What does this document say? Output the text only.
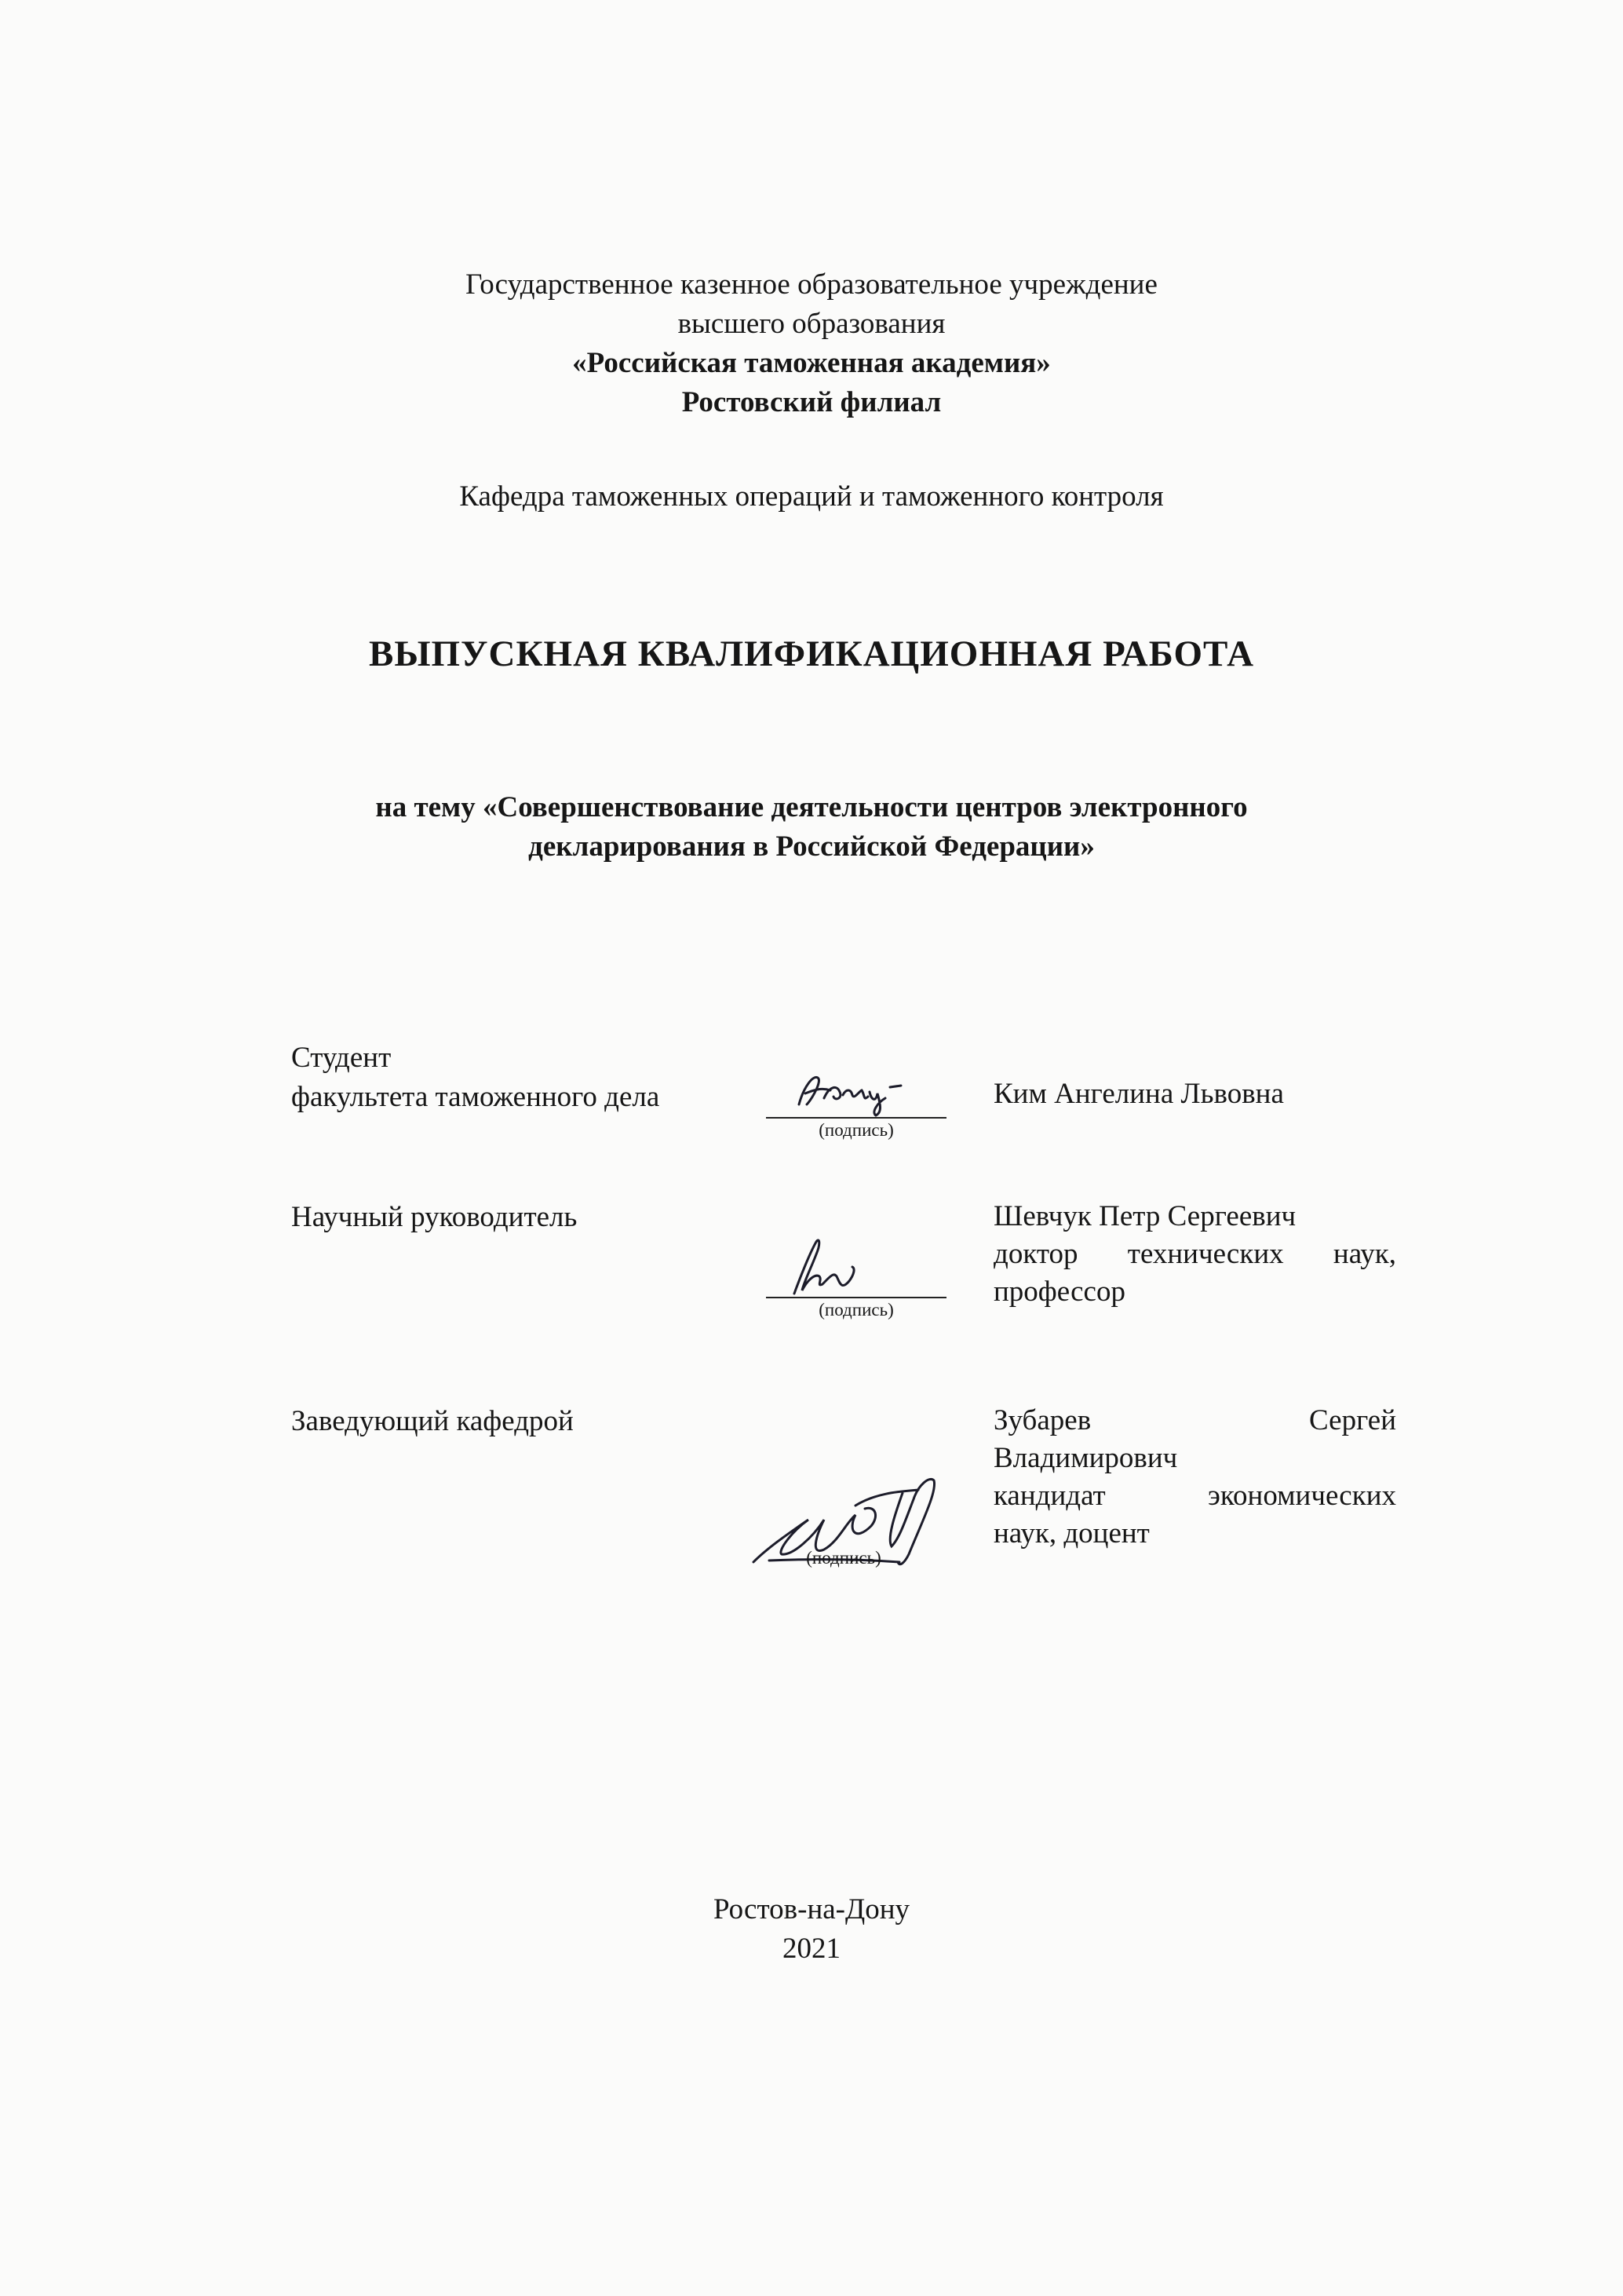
Государственное казенное образовательное учреждение
высшего образования
«Российская таможенная академия»
Ростовский филиал
Кафедра таможенных операций и таможенного контроля
ВЫПУСКНАЯ КВАЛИФИКАЦИОННАЯ РАБОТА
на тему «Совершенствование деятельности центров электронного
декларирования в Российской Федерации»
Студент
факультета таможенного дела
(подпись)
Ким Ангелина Львовна
Научный руководитель
(подпись)
Шевчук Петр Сергеевич
доктор технических наук,
профессор
Заведующий кафедрой
(подпись)
Зубарев Сергей
Владимирович
кандидат экономических
наук, доцент
Ростов-на-Дону
2021
